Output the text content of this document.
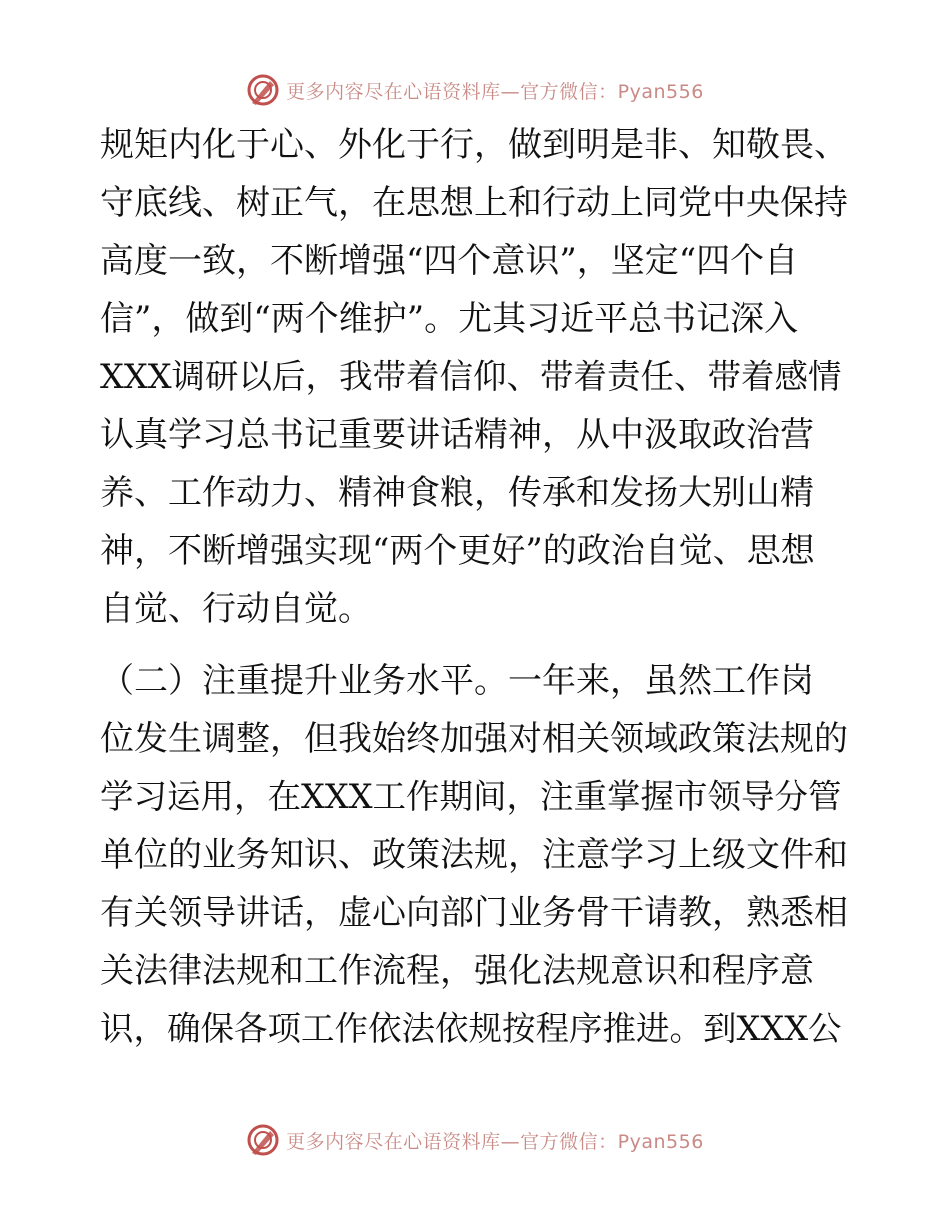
更多内容尽在心语资料库—官方微信：Pyan556
规矩内化于心、外化于行，做到明是非、知敬畏、
守底线、树正气，在思想上和行动上同党中央保持
高度一致，不断增强“四个意识”，坚定“四个自
信”，做到“两个维护”。尤其习近平总书记深入
XXX调研以后，我带着信仰、带着责任、带着感情
认真学习总书记重要讲话精神，从中汲取政治营
养、工作动力、精神食粮，传承和发扬大别山精
神，不断增强实现“两个更好”的政治自觉、思想
自觉、行动自觉。
（二）注重提升业务水平。一年来，虽然工作岗
位发生调整，但我始终加强对相关领域政策法规的
学习运用，在XXX工作期间，注重掌握市领导分管
单位的业务知识、政策法规，注意学习上级文件和
有关领导讲话，虚心向部门业务骨干请教，熟悉相
关法律法规和工作流程，强化法规意识和程序意
识，确保各项工作依法依规按程序推进。到XXX公
更多内容尽在心语资料库—官方微信：Pyan556
